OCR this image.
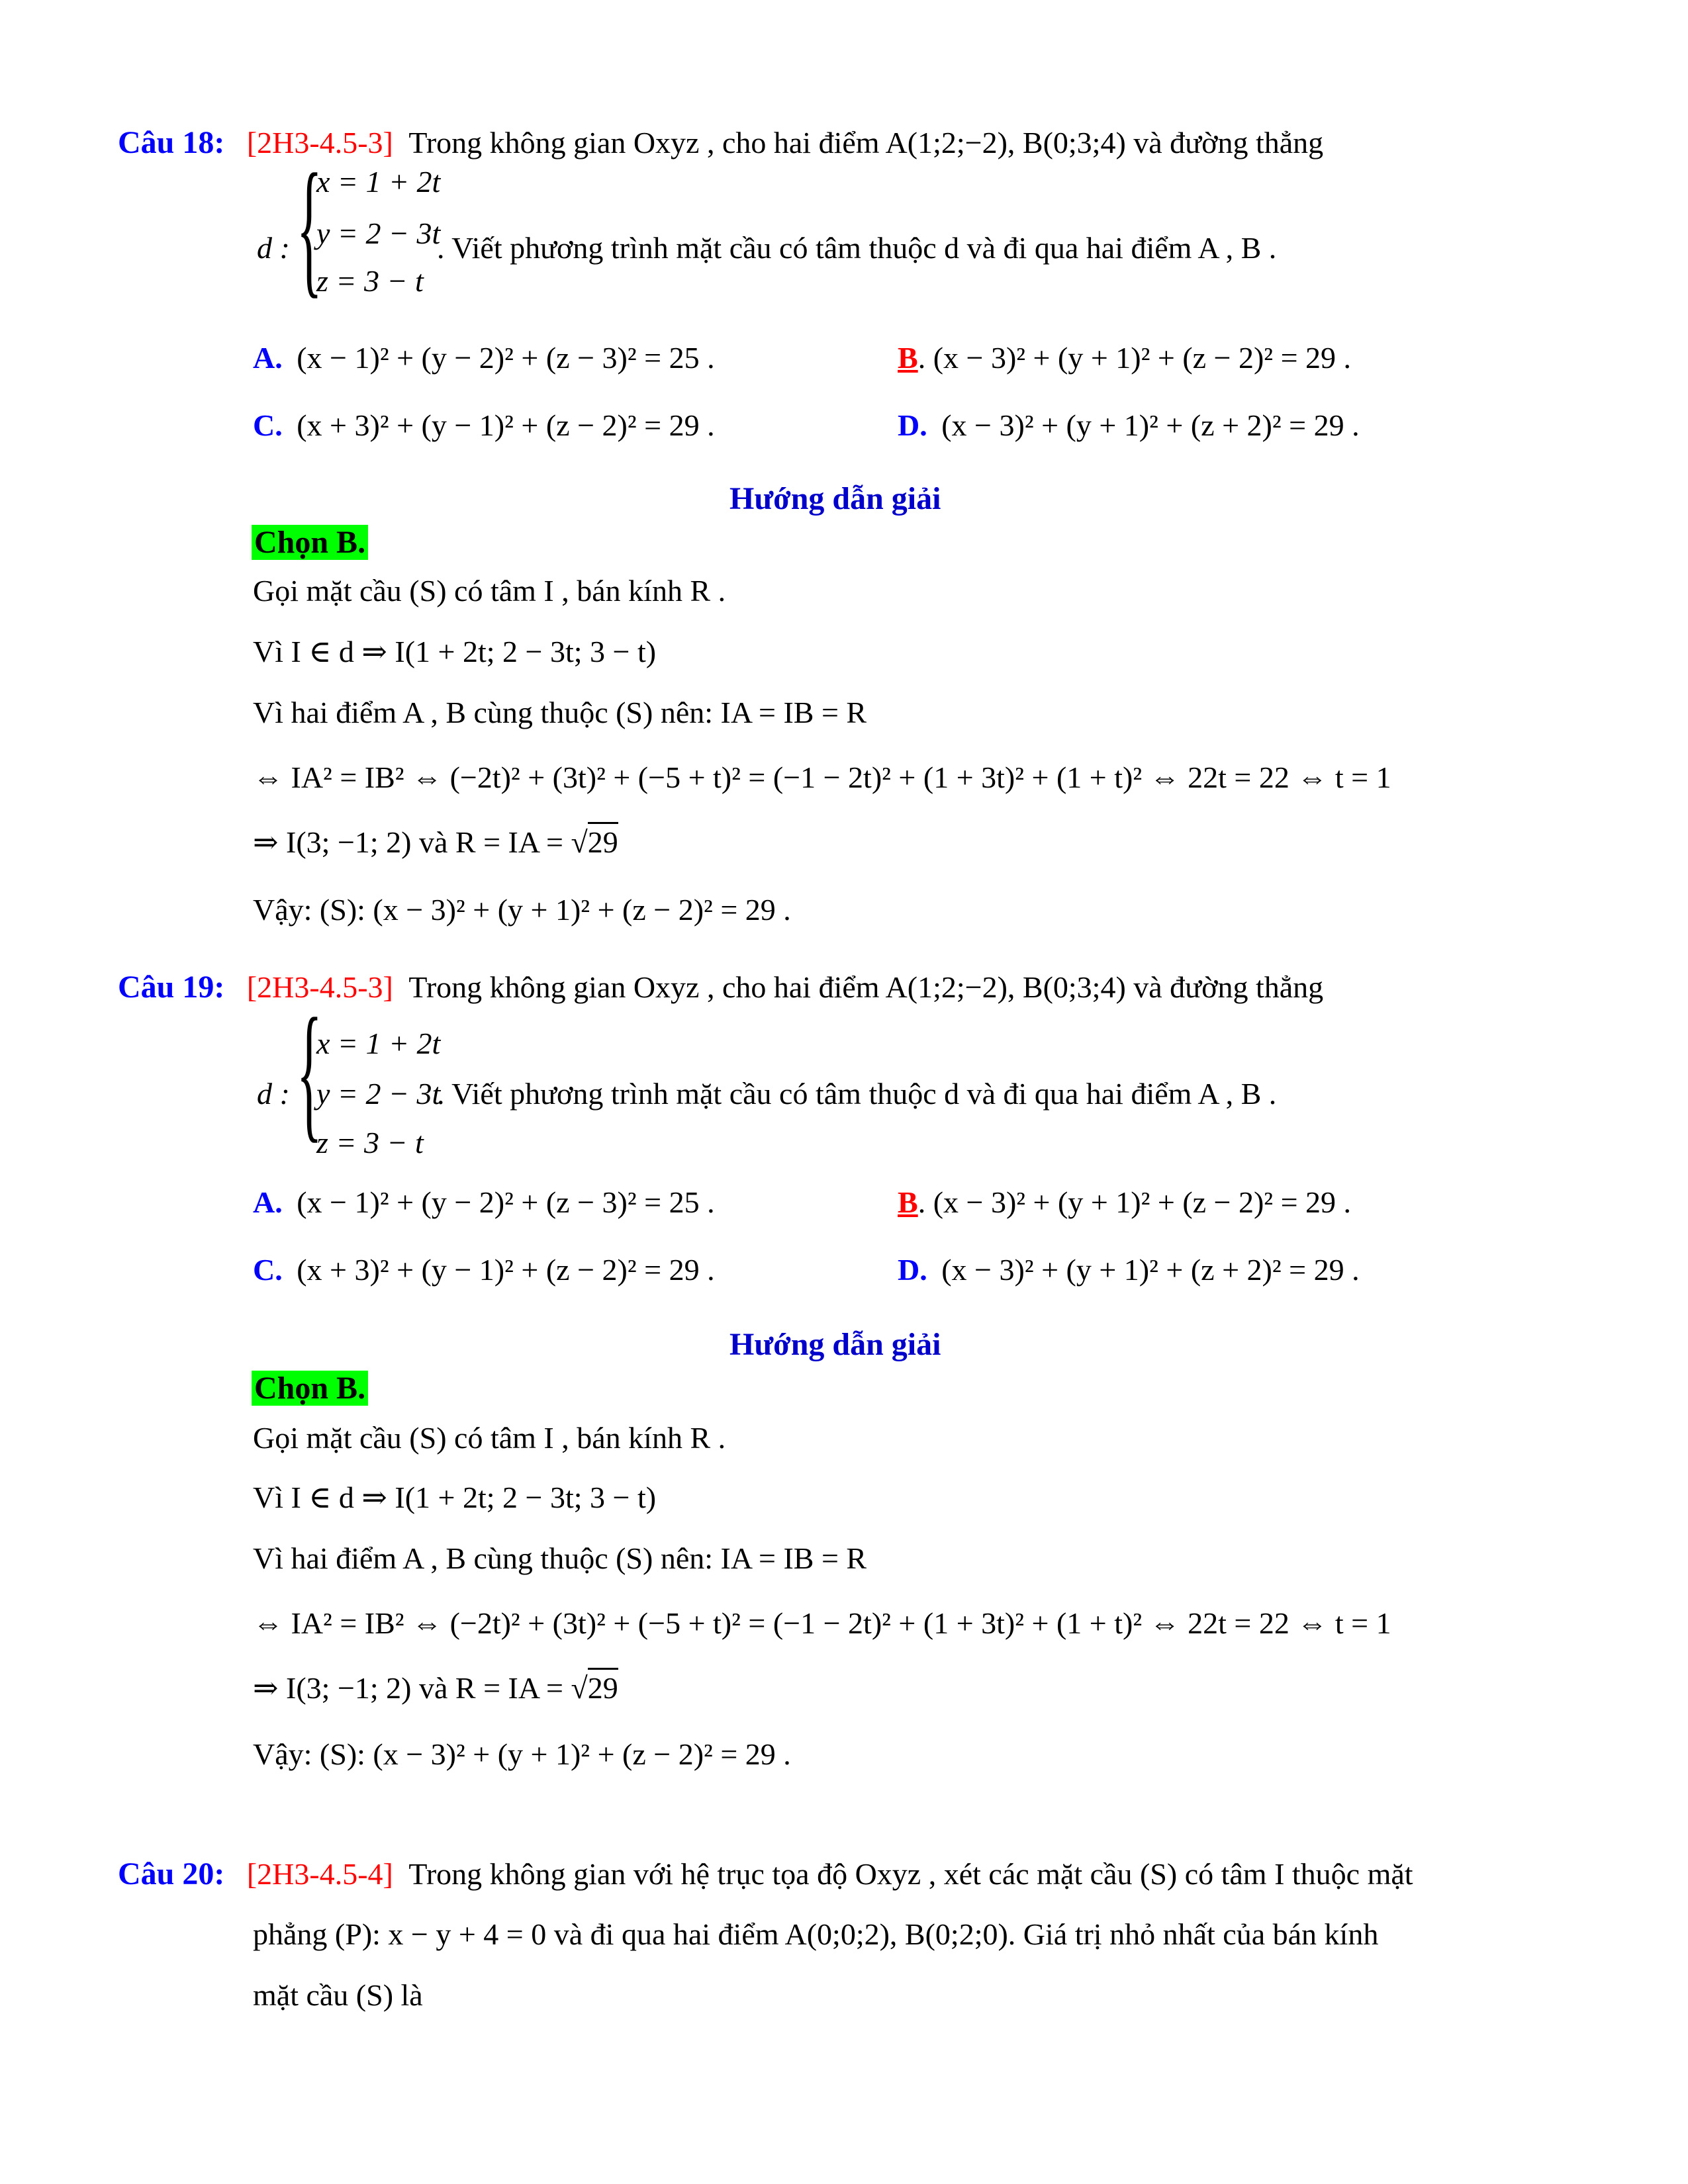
Câu 18: [2H3-4.5-3] Trong không gian Oxyz , cho hai điểm A(1;2;−2), B(0;3;4) và đường thẳng
d : {
x = 1 + 2t
y = 2 − 3t
z = 3 − t
. Viết phương trình mặt cầu có tâm thuộc d và đi qua hai điểm A , B .
A. (x − 1)² + (y − 2)² + (z − 3)² = 25 .	B. (x − 3)² + (y + 1)² + (z − 2)² = 29 .
C. (x + 3)² + (y − 1)² + (z − 2)² = 29 .	D. (x − 3)² + (y + 1)² + (z + 2)² = 29 .
Hướng dẫn giải
Chọn B.
Gọi mặt cầu (S) có tâm I , bán kính R .
Vì I ∈ d ⇒ I(1 + 2t; 2 − 3t; 3 − t)
Vì hai điểm A , B cùng thuộc (S) nên: IA = IB = R
⇔ IA² = IB² ⇔ (−2t)² + (3t)² + (−5 + t)² = (−1 − 2t)² + (1 + 3t)² + (1 + t)² ⇔ 22t = 22 ⇔ t = 1
⇒ I(3; −1; 2) và R = IA = √29
Vậy: (S): (x − 3)² + (y + 1)² + (z − 2)² = 29 .
Câu 19: [2H3-4.5-3] Trong không gian Oxyz , cho hai điểm A(1;2;−2), B(0;3;4) và đường thẳng
d : {
x = 1 + 2t
y = 2 − 3t
z = 3 − t
. Viết phương trình mặt cầu có tâm thuộc d và đi qua hai điểm A , B .
A. (x − 1)² + (y − 2)² + (z − 3)² = 25 .	B. (x − 3)² + (y + 1)² + (z − 2)² = 29 .
C. (x + 3)² + (y − 1)² + (z − 2)² = 29 .	D. (x − 3)² + (y + 1)² + (z + 2)² = 29 .
Hướng dẫn giải
Chọn B.
Gọi mặt cầu (S) có tâm I , bán kính R .
Vì I ∈ d ⇒ I(1 + 2t; 2 − 3t; 3 − t)
Vì hai điểm A , B cùng thuộc (S) nên: IA = IB = R
⇔ IA² = IB² ⇔ (−2t)² + (3t)² + (−5 + t)² = (−1 − 2t)² + (1 + 3t)² + (1 + t)² ⇔ 22t = 22 ⇔ t = 1
⇒ I(3; −1; 2) và R = IA = √29
Vậy: (S): (x − 3)² + (y + 1)² + (z − 2)² = 29 .
Câu 20: [2H3-4.5-4] Trong không gian với hệ trục tọa độ Oxyz , xét các mặt cầu (S) có tâm I thuộc mặt
phẳng (P): x − y + 4 = 0 và đi qua hai điểm A(0;0;2), B(0;2;0). Giá trị nhỏ nhất của bán kính
mặt cầu (S) là
